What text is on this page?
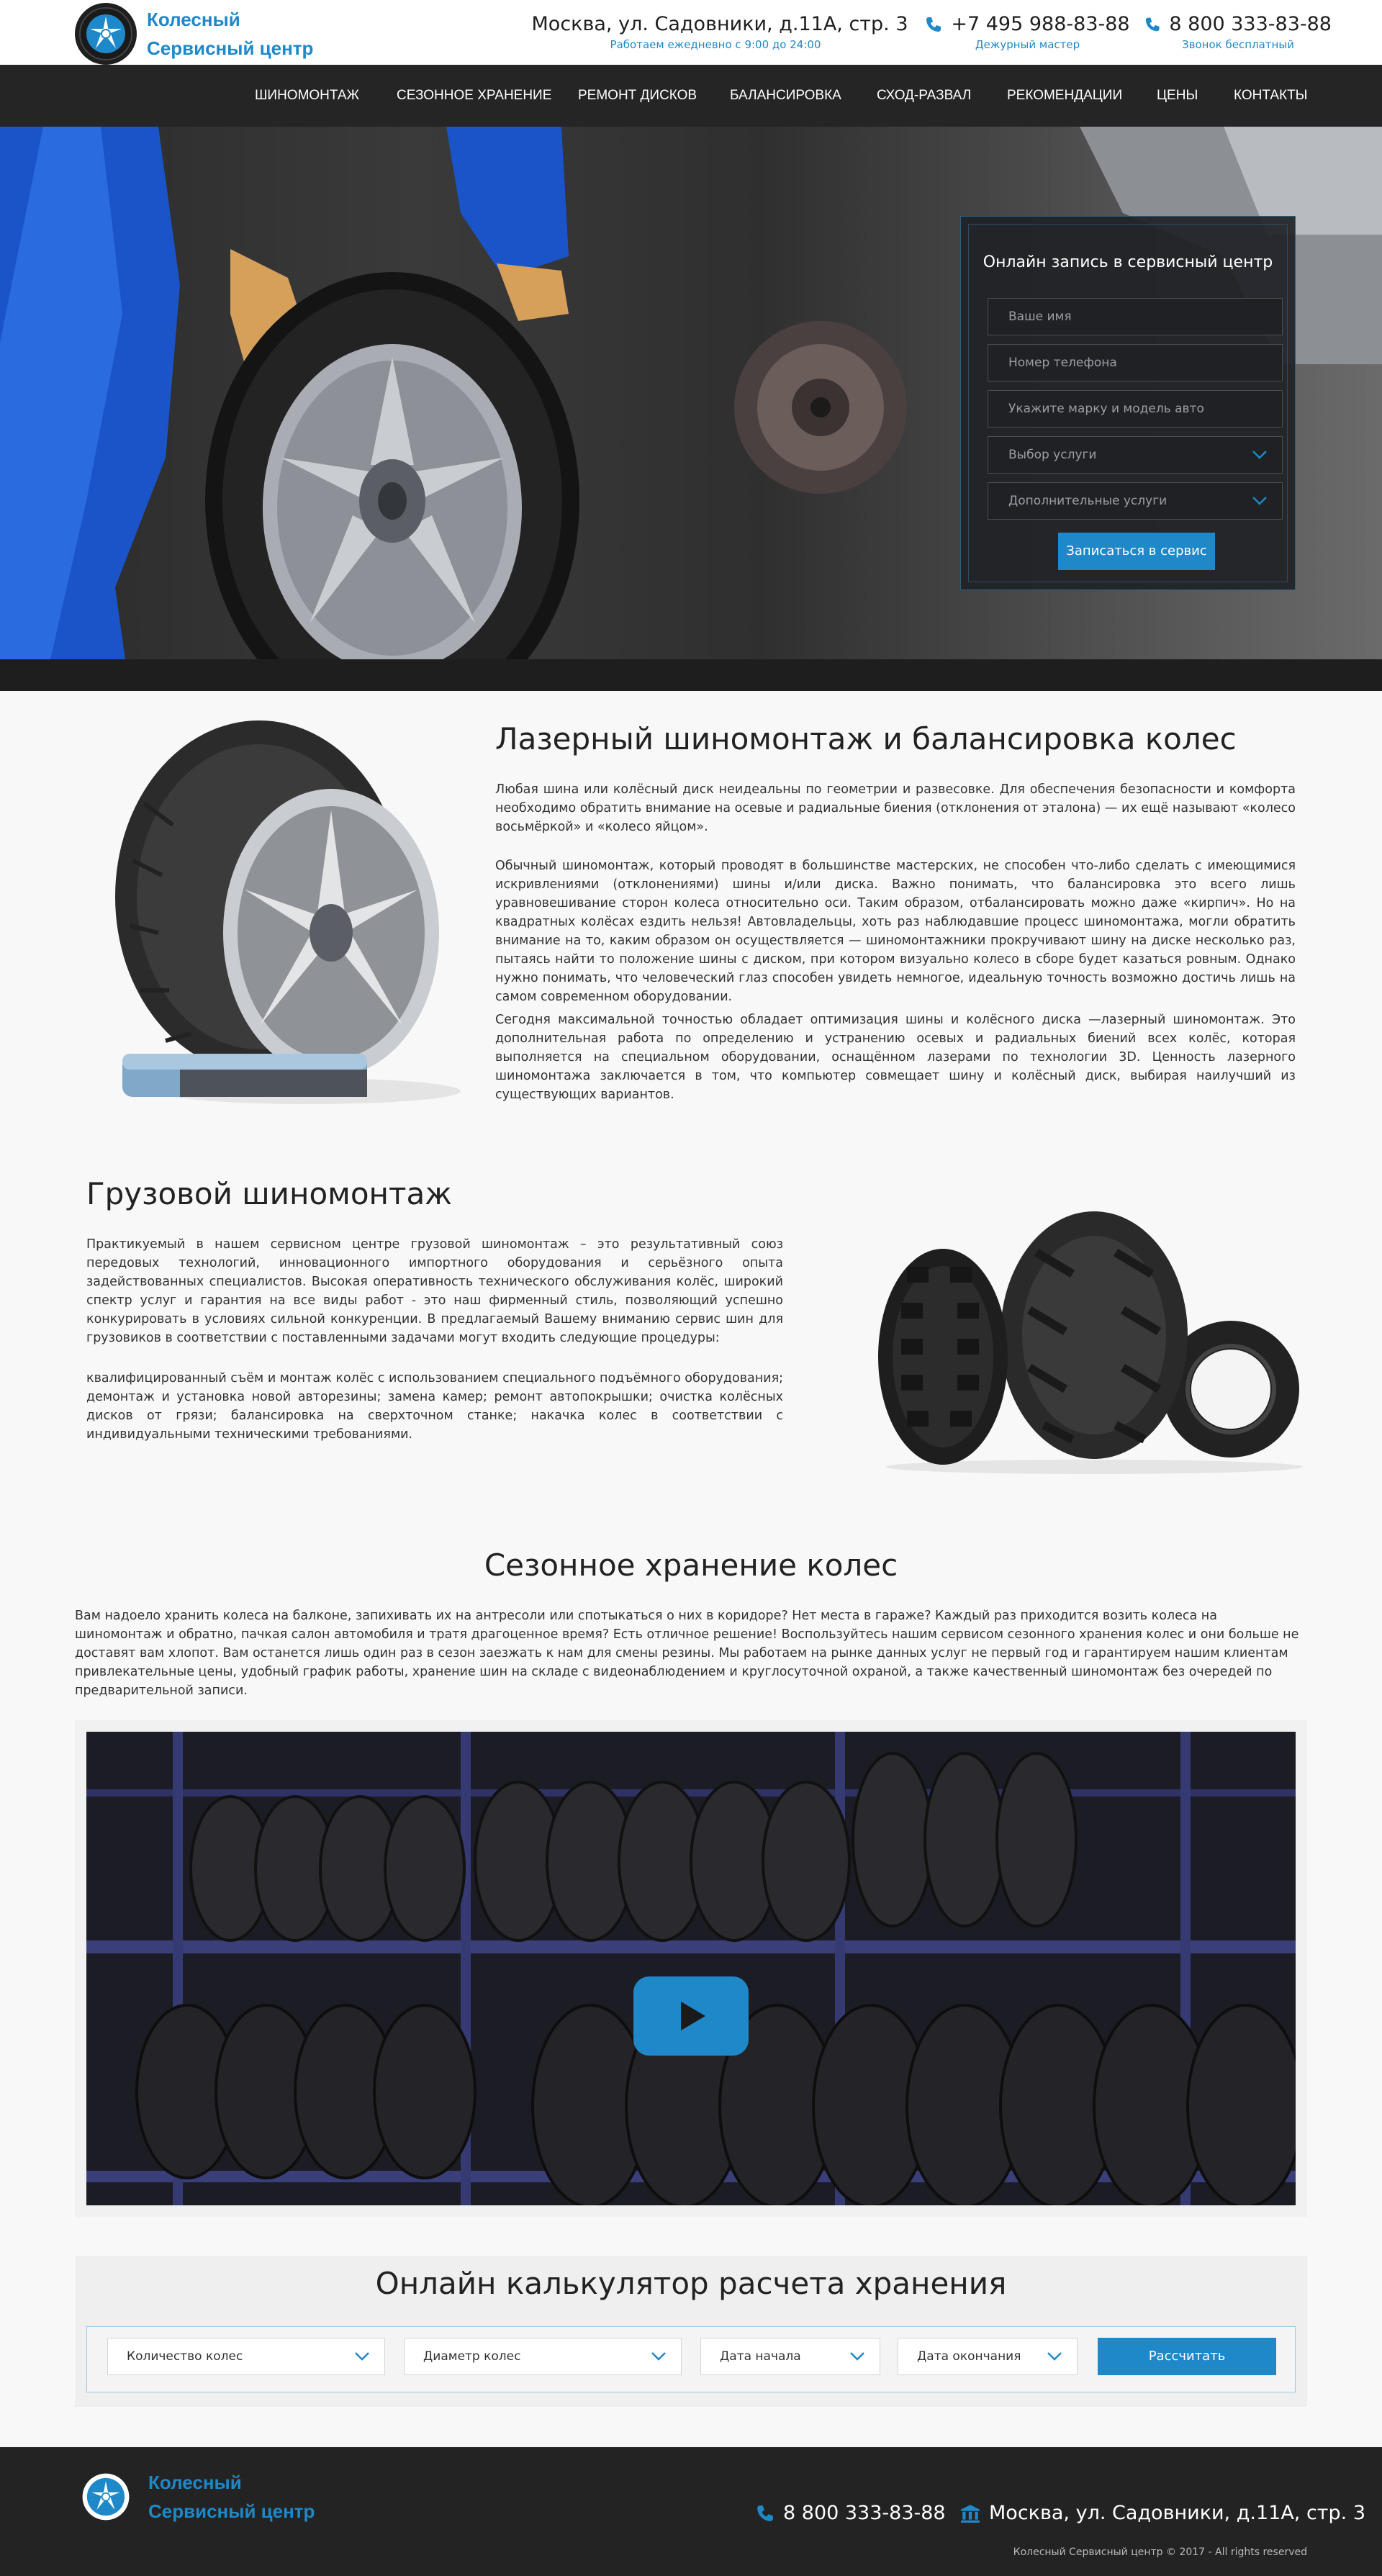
Колесный
Сервисный центр
Москва, ул. Садовники, д.11А, стр. 3
Работаем ежедневно с 9:00 до 24:00
+7 495 988-83-88
Дежурный мастер
8 800 333-83-88
Звонок бесплатный
ШИНОМОНТАЖ	СЕЗОННОЕ ХРАНЕНИЕ РЕМОНТ ДИСКОВ БАЛАНСИРОВКА	СХОД-РАЗВАЛ	РЕКОМЕНДАЦИИ	ЦЕНЫ	КОНТАКТЫ
Онлайн запись в сервисный центр
Ваше имя
Номер телефона
Укажите марку и модель авто
Выбор услуги
Дополнительные услуги
Записаться в сервис
Лазерный шиномонтаж и балансировка колес

Любая шина или колёсный диск неидеальны по геометрии и развесовке. Для обеспечения безопасности и комфорта необходимо обратить внимание на осевые и радиальные биения (отклонения от эталона) — их ещё называют «колесо восьмёркой» и «колесо яйцом».

Обычный шиномонтаж, который проводят в большинстве мастерских, не способен что-либо сделать с имеющимися искривлениями (отклонениями) шины и/или диска. Важно понимать, что балансировка это всего лишь уравновешивание сторон колеса относительно оси. Таким образом, отбалансировать можно даже «кирпич». Но на квадратных колёсах ездить нельзя! Автовладельцы, хоть раз наблюдавшие процесс шиномонтажа, могли обратить внимание на то, каким образом он осуществляется — шиномонтажники прокручивают шину на диске несколько раз, пытаясь найти то положение шины с диском, при котором визуально колесо в сборе будет казаться ровным. Однако нужно понимать, что человеческий глаз способен увидеть немногое, идеальную точность возможно достичь лишь на самом современном оборудовании.

Сегодня максимальной точностью обладает оптимизация шины и колёсного диска —лазерный шиномонтаж. Это дополнительная работа по определению и устранению осевых и радиальных биений всех колёс, которая выполняется на специальном оборудовании, оснащённом лазерами по технологии 3D. Ценность лазерного шиномонтажа заключается в том, что компьютер совмещает шину и колёсный диск, выбирая наилучший из существующих вариантов.

Грузовой шиномонтаж

Практикуемый в нашем сервисном центре грузовой шиномонтаж – это результативный союз передовых технологий, инновационного импортного оборудования и серьёзного опыта задействованных специалистов. Высокая оперативность технического обслуживания колёс, широкий спектр услуг и гарантия на все виды работ - это наш фирменный стиль, позволяющий успешно конкурировать в условиях сильной конкуренции. В предлагаемый Вашему вниманию сервис шин для грузовиков в соответствии с поставленными задачами могут входить следующие процедуры:

квалифицированный съём и монтаж колёс с использованием специального подъёмного оборудования; демонтаж и установка новой авторезины; замена камер; ремонт автопокрышки; очистка колёсных дисков от грязи; балансировка на сверхточном станке; накачка колес в соответствии с индивидуальными техническими требованиями.

Сезонное хранение колес

Вам надоело хранить колеса на балконе, запихивать их на антресоли или спотыкаться о них в коридоре? Нет места в гараже? Каждый раз приходится возить колеса на шиномонтаж и обратно, пачкая салон автомобиля и тратя драгоценное время? Есть отличное решение! Воспользуйтесь нашим сервисом сезонного хранения колес и они больше не доставят вам хлопот. Вам останется лишь один раз в сезон заезжать к нам для смены резины. Мы работаем на рынке данных услуг не первый год и гарантируем нашим клиентам привлекательные цены, удобный график работы, хранение шин на складе с видеонаблюдением и круглосуточной охраной, а также качественный шиномонтаж без очередей по предварительной записи.

Онлайн калькулятор расчета хранения
Количество колес	Диаметр колес	Дата начала	Дата окончания	Рассчитать
Колесный
Сервисный центр	8 800 333-83-88 Москва, ул. Садовники, д.11А, стр. 3
Колесный Сервисный центр © 2017 - All rights reserved
